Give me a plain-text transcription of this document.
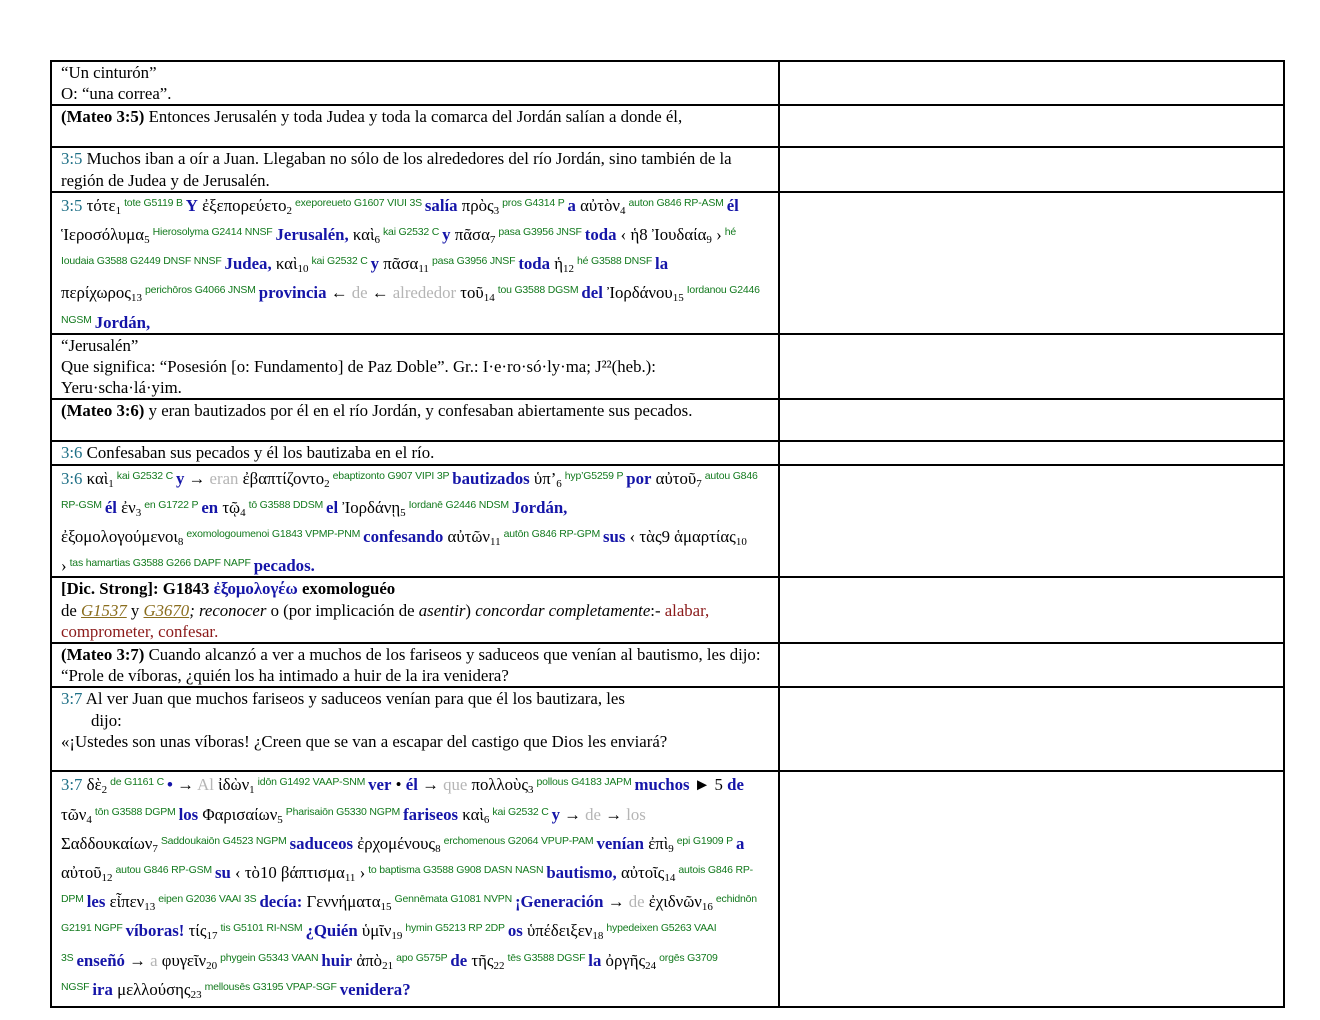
“Un cinturón”
O: “una correa”.	

(Mateo 3:5) Entonces Jerusalén y toda Judea y toda la comarca del Jordán salían a donde él,	
3:5 Muchos iban a oír a Juan. Llegaban no sólo de los alrededores del río Jordán, sino también de la región de Judea y de Jerusalén.	
3:5 τότε$_1^{tote G5119 B}$ Y ἐξεπορεύετο$_2^{exeporeueto G1607 VIUI 3S}$ salía πρὸς$_3^{pros G4314 P}$ a αὐτὸν$_4^{auton G846 RP-ASM}$ él Ἱεροσόλυμα$_5^{Hierosolyma G2414 NNSF}$ Jerusalén, καὶ$_6^{kai G2532 C}$ y πᾶσα$_7^{pasa G3956 JNSF}$ toda ‹ ἡ8 Ἰουδαία$_9$ › $^{hé Ioudaia G3588 G2449 DNSF NNSF}$ Judea, καὶ$_{10}^{kai G2532 C}$ y πᾶσα$_{11}^{pasa G3956 JNSF}$ toda ἡ$_{12}^{hé G3588 DNSF}$ la περίχωρος$_{13}^{perichōros G4066 JNSM}$ provincia ← de ← alrededor τοῦ$_{14}^{tou G3588 DGSM}$ del Ἰορδάνου$_{15}^{Iordanou G2446 NGSM}$ Jordán,	

“Jerusalén”
Que significa: “Posesión [o: Fundamento] de Paz Doble”. Gr.: I·e·ro·só·ly·ma; J²²(heb.): Yeru·scha·lá·yim.	

(Mateo 3:6) y eran bautizados por él en el río Jordán, y confesaban abiertamente sus pecados.	
3:6 Confesaban sus pecados y él los bautizaba en el río.	
3:6 καὶ$_1^{kai G2532 C}$ y → eran ἐβαπτίζοντο$_2^{ebaptizonto G907 VIPI 3P}$ bautizados $ὑ\pi’_6^{hyp’G5259 P}$ por αὐτοῦ$_7^{autou G846 RP-GSM}$ él ἐν$_3^{en G1722 P}$ en τῷ$_4^{tō G3588 DDSM}$ el Ἰορδάνῃ$_5^{Iordanē G2446 NDSM}$ Jordán, ἐξομολογούμενοι$_8^{exomologoumenoi G1843 VPMP-PNM}$ confesando αὐτῶν$_{11}^{autōn G846 RP-GPM}$ sus ‹ τὰς9 ἁμαρτίας$_{10}$ › $^{tas hamartias G3588 G266 DAPF NAPF}$ pecados.	

[Dic. Strong]: G1843 ἐξομολογέω exomologuéo
de G1537 y G3670; reconocer o (por implicación de asentir) concordar completamente:- alabar, comprometer, confesar.	

(Mateo 3:7) Cuando alcanzó a ver a muchos de los fariseos y saduceos que venían al bautismo, les dijo: “Prole de víboras, ¿quién los ha intimado a huir de la ira venidera?	

3:7 Al ver Juan que muchos fariseos y saduceos venían para que él los bautizara, les
dijo:
«¡Ustedes son unas víboras! ¿Creen que se van a escapar del castigo que Dios les enviará?	

3:7 δὲ$_2^{de G1161 C}$ • → Al ἰδὼν$_1^{idōn G1492 VAAP-SNM}$ ver • él → que πολλοὺς$_3^{pollous G4183 JAPM}$ muchos ► 5 de τῶν$_4^{tōn G3588 DGPM}$ los Φαρισαίων$_5^{Pharisaiōn G5330 NGPM}$ fariseos καὶ$_6^{kai G2532 C}$ y → de → los Σαδδουκαίων$_7^{Saddoukaiōn G4523 NGPM}$ saduceos ἐρχομένους$_8^{erchomenous G2064 VPUP-PAM}$ venían ἐπὶ$_9^{epi G1909 P}$ a αὐτοῦ$_{12}^{autou G846 RP-GSM}$ su ‹ τὸ10 βάπτισμα$_{11}$ › $^{to baptisma G3588 G908 DASN NASN}$ bautismo, αὐτοῖς$_{14}^{autois G846 RP-DPM}$ les εἶπεν$_{13}^{eipen G2036 VAAI 3S}$ decía: Γεννήματα$_{15}^{Gennēmata G1081 NVPN}$ ¡Generación → de ἐχιδνῶν$_{16}^{echidnōn G2191 NGPF}$ víboras! τίς$_{17}^{tis G5101 RI-NSM}$ ¿Quién ὑμῖν$_{19}^{hymin G5213 RP 2DP}$ os ὑπέδειξεν$_{18}^{hypedeixen G5263 VAAI 3S}$ enseñó → a φυγεῖν$_{20}^{phygein G5343 VAAN}$ huir ἀπὸ$_{21}^{apo G575P}$ de τῆς$_{22}^{tēs G3588 DGSF}$ la ὀργῆς$_{24}^{orgēs G3709 NGSF}$ ira μελλούσης$_{23}^{mellousēs G3195 VPAP-SGF}$ venidera?	
